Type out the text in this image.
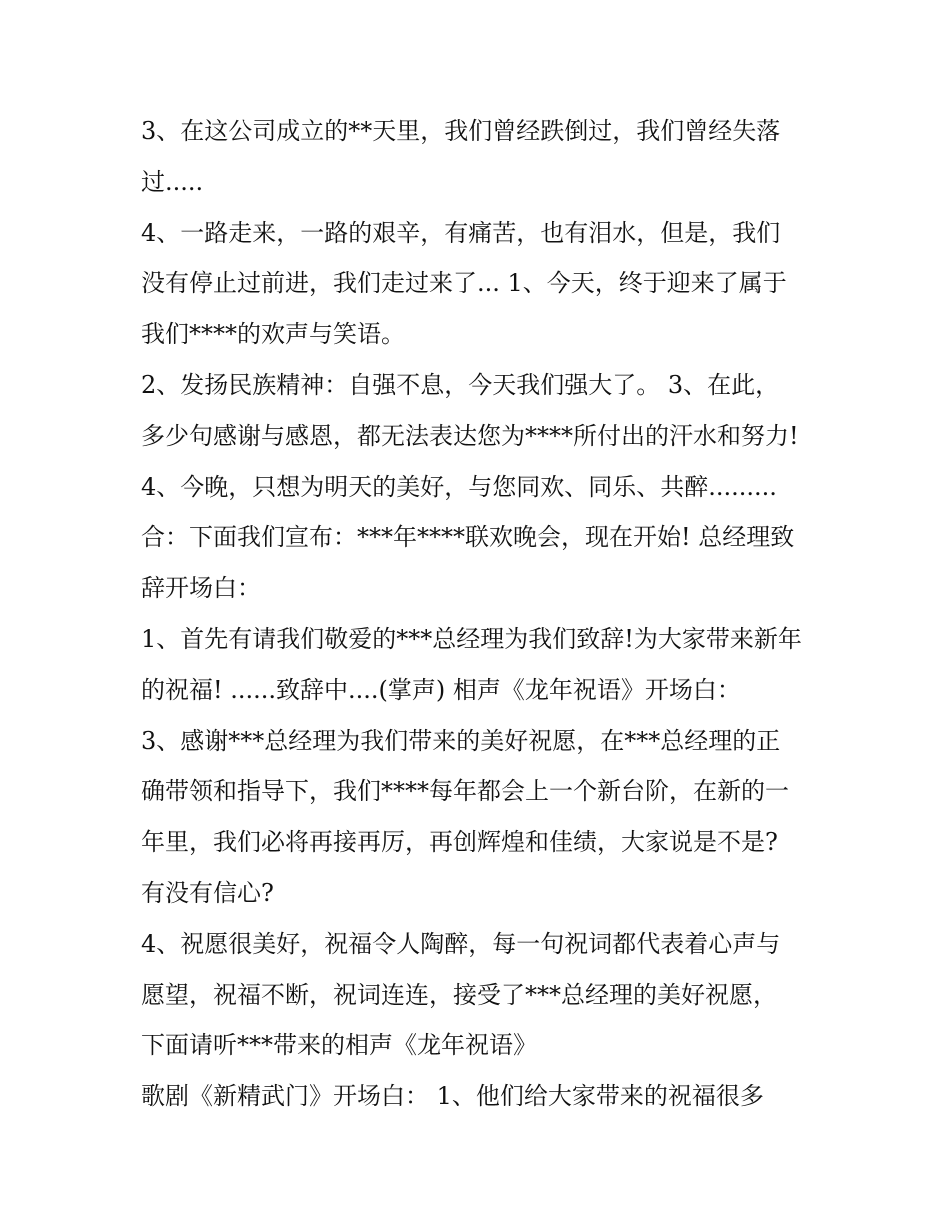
3、在这公司成立的**天里，我们曾经跌倒过，我们曾经失落
过.....
4、一路走来，一路的艰辛，有痛苦，也有泪水，但是，我们
没有停止过前进，我们走过来了... 1、今天，终于迎来了属于
我们****的欢声与笑语。
2、发扬民族精神：自强不息，今天我们强大了。 3、在此，
多少句感谢与感恩，都无法表达您为****所付出的汗水和努力!
4、今晚，只想为明天的美好，与您同欢、同乐、共醉.........
合：下面我们宣布：***年****联欢晚会，现在开始! 总经理致
辞开场白：
1、首先有请我们敬爱的***总经理为我们致辞!为大家带来新年
的祝福! ......致辞中....(掌声) 相声《龙年祝语》开场白：
3、感谢***总经理为我们带来的美好祝愿，在***总经理的正
确带领和指导下，我们****每年都会上一个新台阶，在新的一
年里，我们必将再接再厉，再创辉煌和佳绩，大家说是不是?
有没有信心?
4、祝愿很美好，祝福令人陶醉，每一句祝词都代表着心声与
愿望，祝福不断，祝词连连，接受了***总经理的美好祝愿，
下面请听***带来的相声《龙年祝语》
歌剧《新精武门》开场白： 1、他们给大家带来的祝福很多
